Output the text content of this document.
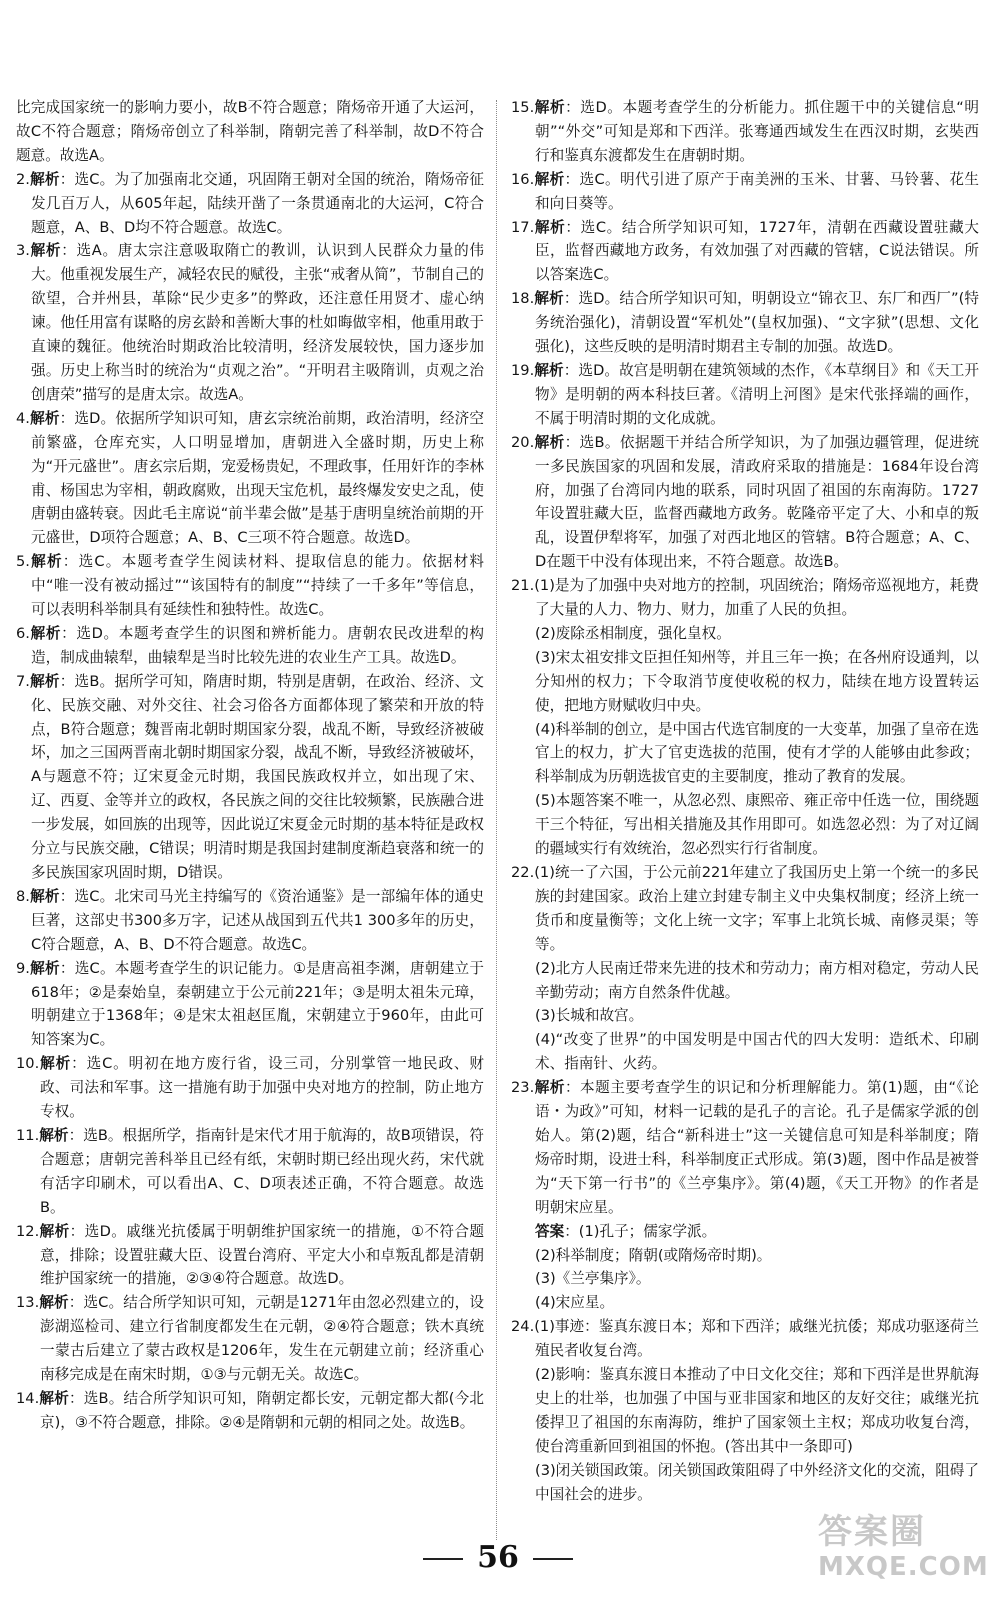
比完成国家统一的影响力要小，故B不符合题意；隋炀帝开通了大运河，故C不符合题意；隋炀帝创立了科举制，隋朝完善了科举制，故D不符合题意。故选A。

2.解析：选C。为了加强南北交通，巩固隋王朝对全国的统治，隋炀帝征发几百万人，从605年起，陆续开凿了一条贯通南北的大运河，C符合题意，A、B、D均不符合题意。故选C。

3.解析：选A。唐太宗注意吸取隋亡的教训，认识到人民群众力量的伟大。他重视发展生产，减轻农民的赋役，主张“戒奢从简”，节制自己的欲望，合并州县，革除“民少吏多”的弊政，还注意任用贤才、虚心纳谏。他任用富有谋略的房玄龄和善断大事的杜如晦做宰相，他重用敢于直谏的魏征。他统治时期政治比较清明，经济发展较快，国力逐步加强。历史上称当时的统治为“贞观之治”。“开明君主吸隋训，贞观之治创唐荣”描写的是唐太宗。故选A。

4.解析：选D。依据所学知识可知，唐玄宗统治前期，政治清明，经济空前繁盛，仓库充实，人口明显增加，唐朝进入全盛时期，历史上称为“开元盛世”。唐玄宗后期，宠爱杨贵妃，不理政事，任用奸诈的李林甫、杨国忠为宰相，朝政腐败，出现天宝危机，最终爆发安史之乱，使唐朝由盛转衰。因此毛主席说“前半辈会做”是基于唐明皇统治前期的开元盛世，D项符合题意；A、B、C三项不符合题意。故选D。

5.解析：选C。本题考查学生阅读材料、提取信息的能力。依据材料中“唯一没有被动摇过”“该国特有的制度”“持续了一千多年”等信息，可以表明科举制具有延续性和独特性。故选C。

6.解析：选D。本题考查学生的识图和辨析能力。唐朝农民改进犁的构造，制成曲辕犁，曲辕犁是当时比较先进的农业生产工具。故选D。

7.解析：选B。据所学可知，隋唐时期，特别是唐朝，在政治、经济、文化、民族交融、对外交往、社会习俗各方面都体现了繁荣和开放的特点，B符合题意；魏晋南北朝时期国家分裂，战乱不断，导致经济被破坏，加之三国两晋南北朝时期国家分裂，战乱不断，导致经济被破坏，A与题意不符；辽宋夏金元时期，我国民族政权并立，如出现了宋、辽、西夏、金等并立的政权，各民族之间的交往比较频繁，民族融合进一步发展，如回族的出现等，因此说辽宋夏金元时期的基本特征是政权分立与民族交融，C错误；明清时期是我国封建制度渐趋衰落和统一的多民族国家巩固时期，D错误。

8.解析：选C。北宋司马光主持编写的《资治通鉴》是一部编年体的通史巨著，这部史书300多万字，记述从战国到五代共1 300多年的历史，C符合题意，A、B、D不符合题意。故选C。

9.解析：选C。本题考查学生的识记能力。①是唐高祖李渊，唐朝建立于618年；②是秦始皇，秦朝建立于公元前221年；③是明太祖朱元璋，明朝建立于1368年；④是宋太祖赵匡胤，宋朝建立于960年，由此可知答案为C。

10.解析：选C。明初在地方废行省，设三司，分别掌管一地民政、财政、司法和军事。这一措施有助于加强中央对地方的控制，防止地方专权。

11.解析：选B。根据所学，指南针是宋代才用于航海的，故B项错误，符合题意；唐朝完善科举且已经有纸，宋朝时期已经出现火药，宋代就有活字印刷术，可以看出A、C、D项表述正确，不符合题意。故选B。

12.解析：选D。戚继光抗倭属于明朝维护国家统一的措施，①不符合题意，排除；设置驻藏大臣、设置台湾府、平定大小和卓叛乱都是清朝维护国家统一的措施，②③④符合题意。故选D。

13.解析：选C。结合所学知识可知，元朝是1271年由忽必烈建立的，设澎湖巡检司、建立行省制度都发生在元朝，②④符合题意；铁木真统一蒙古后建立了蒙古政权是1206年，发生在元朝建立前；经济重心南移完成是在南宋时期，①③与元朝无关。故选C。

14.解析：选B。结合所学知识可知，隋朝定都长安，元朝定都大都(今北京)，③不符合题意，排除。②④是隋朝和元朝的相同之处。故选B。

15.解析：选D。本题考查学生的分析能力。抓住题干中的关键信息“明朝”“外交”可知是郑和下西洋。张骞通西域发生在西汉时期，玄奘西行和鉴真东渡都发生在唐朝时期。

16.解析：选C。明代引进了原产于南美洲的玉米、甘薯、马铃薯、花生和向日葵等。

17.解析：选C。结合所学知识可知，1727年，清朝在西藏设置驻藏大臣，监督西藏地方政务，有效加强了对西藏的管辖，C说法错误。所以答案选C。

18.解析：选D。结合所学知识可知，明朝设立“锦衣卫、东厂和西厂”(特务统治强化)，清朝设置“军机处”(皇权加强)、“文字狱”(思想、文化强化)，这些反映的是明清时期君主专制的加强。故选D。

19.解析：选D。故宫是明朝在建筑领域的杰作，《本草纲目》和《天工开物》是明朝的两本科技巨著。《清明上河图》是宋代张择端的画作，不属于明清时期的文化成就。

20.解析：选B。依据题干并结合所学知识，为了加强边疆管理，促进统一多民族国家的巩固和发展，清政府采取的措施是：1684年设台湾府，加强了台湾同内地的联系，同时巩固了祖国的东南海防。1727年设置驻藏大臣，监督西藏地方政务。乾隆帝平定了大、小和卓的叛乱，设置伊犁将军，加强了对西北地区的管辖。B符合题意；A、C、D在题干中没有体现出来，不符合题意。故选B。

21.(1)是为了加强中央对地方的控制，巩固统治；隋炀帝巡视地方，耗费了大量的人力、物力、财力，加重了人民的负担。

(2)废除丞相制度，强化皇权。

(3)宋太祖安排文臣担任知州等，并且三年一换；在各州府设通判，以分知州的权力；下令取消节度使收税的权力，陆续在地方设置转运使，把地方财赋收归中央。

(4)科举制的创立，是中国古代选官制度的一大变革，加强了皇帝在选官上的权力，扩大了官吏选拔的范围，使有才学的人能够由此参政；科举制成为历朝选拔官吏的主要制度，推动了教育的发展。

(5)本题答案不唯一，从忽必烈、康熙帝、雍正帝中任选一位，围绕题干三个特征，写出相关措施及其作用即可。如选忽必烈：为了对辽阔的疆域实行有效统治，忽必烈实行行省制度。

22.(1)统一了六国，于公元前221年建立了我国历史上第一个统一的多民族的封建国家。政治上建立封建专制主义中央集权制度；经济上统一货币和度量衡等；文化上统一文字；军事上北筑长城、南修灵渠；等等。

(2)北方人民南迁带来先进的技术和劳动力；南方相对稳定，劳动人民辛勤劳动；南方自然条件优越。

(3)长城和故宫。

(4)“改变了世界”的中国发明是中国古代的四大发明：造纸术、印刷术、指南针、火药。

23.解析：本题主要考查学生的识记和分析理解能力。第(1)题，由“《论语・为政》”可知，材料一记载的是孔子的言论。孔子是儒家学派的创始人。第(2)题，结合“新科进士”这一关键信息可知是科举制度；隋炀帝时期，设进士科，科举制度正式形成。第(3)题，图中作品是被誉为“天下第一行书”的《兰亭集序》。第(4)题，《天工开物》的作者是明朝宋应星。

答案：(1)孔子；儒家学派。

(2)科举制度；隋朝(或隋炀帝时期)。

(3)《兰亭集序》。

(4)宋应星。

24.(1)事迹：鉴真东渡日本；郑和下西洋；戚继光抗倭；郑成功驱逐荷兰殖民者收复台湾。

(2)影响：鉴真东渡日本推动了中日文化交往；郑和下西洋是世界航海史上的壮举，也加强了中国与亚非国家和地区的友好交往；戚继光抗倭捍卫了祖国的东南海防，维护了国家领土主权；郑成功收复台湾，使台湾重新回到祖国的怀抱。(答出其中一条即可)

(3)闭关锁国政策。闭关锁国政策阻碍了中外经济文化的交流，阻碍了中国社会的进步。

56
答案圈
MXQE.COM
